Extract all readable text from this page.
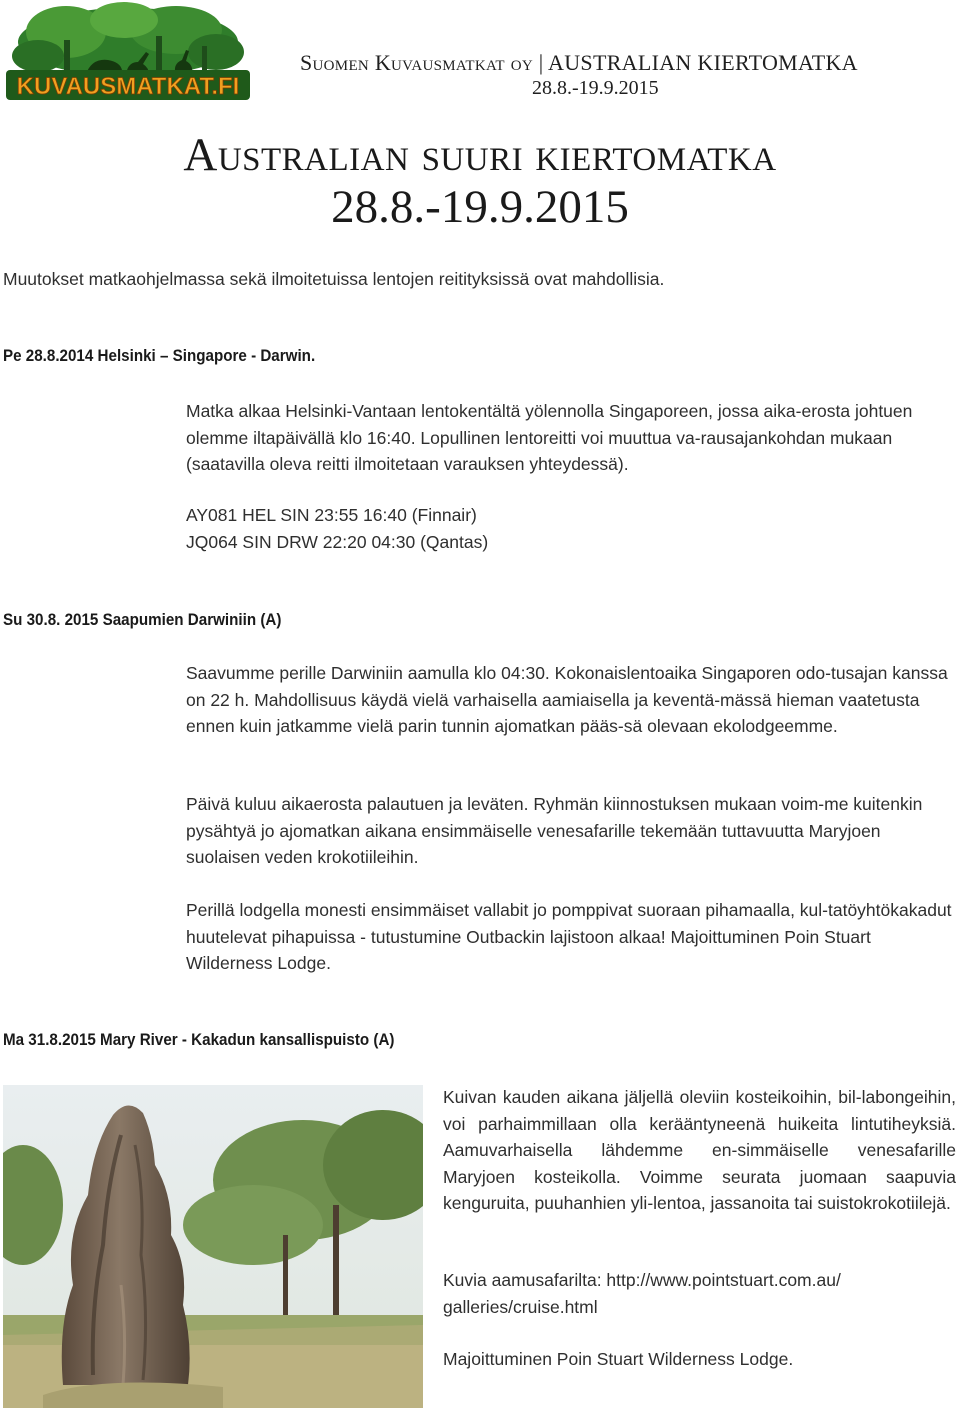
KUVAUSMATKAT.FI
Suomen Kuvausmatkat oy | AUSTRALIAN KIERTOMATKA
28.8.-19.9.2015
Australian suuri kiertomatka
28.8.-19.9.2015
Muutokset matkaohjelmassa sekä ilmoitetuissa lentojen reitityksissä ovat mahdollisia.
Pe 28.8.2014 Helsinki – Singapore - Darwin.

Matka alkaa Helsinki-Vantaan lentokentältä yölennolla Singaporeen, jossa aika-erosta johtuen olemme iltapäivällä klo 16:40. Lopullinen lentoreitti voi muuttua va-rausajankohdan mukaan (saatavilla oleva reitti ilmoitetaan varauksen yhteydessä).

AY081 HEL SIN 23:55 16:40 (Finnair)
JQ064 SIN DRW 22:20 04:30 (Qantas)
Su 30.8. 2015 Saapumien Darwiniin (A)

Saavumme perille Darwiniin aamulla klo 04:30. Kokonaislentoaika Singaporen odo-tusajan kanssa on 22 h. Mahdollisuus käydä vielä varhaisella aamiaisella ja keventä-mässä hieman vaatetusta ennen kuin jatkamme vielä parin tunnin ajomatkan pääs-sä olevaan ekolodgeemme.

Päivä kuluu aikaerosta palautuen ja leväten. Ryhmän kiinnostuksen mukaan voim-me kuitenkin pysähtyä jo ajomatkan aikana ensimmäiselle venesafarille tekemään tuttavuutta Maryjoen suolaisen veden krokotiileihin.

Perillä lodgella monesti ensimmäiset vallabit jo pomppivat suoraan pihamaalla, kul-tatöyhtökakadut huutelevat pihapuissa - tutustumine Outbackin lajistoon alkaa! Majoittuminen Poin Stuart Wilderness Lodge.

Ma 31.8.2015 Mary River - Kakadun kansallispuisto (A)

Kuivan kauden aikana jäljellä oleviin kosteikoihin, bil-labongeihin, voi parhaimmillaan olla kerääntyneenä huikeita lintutiheyksiä. Aamuvarhaisella lähdemme en-simmäiselle venesafarille Maryjoen kosteikolla. Voimme seurata juomaan saapuvia kenguruita, puuhanhien yli-lentoa, jassanoita tai suistokrokotiilejä.

Kuvia aamusafarilta: http://www.pointstuart.com.au/ galleries/cruise.html

Majoittuminen Poin Stuart Wilderness Lodge.
